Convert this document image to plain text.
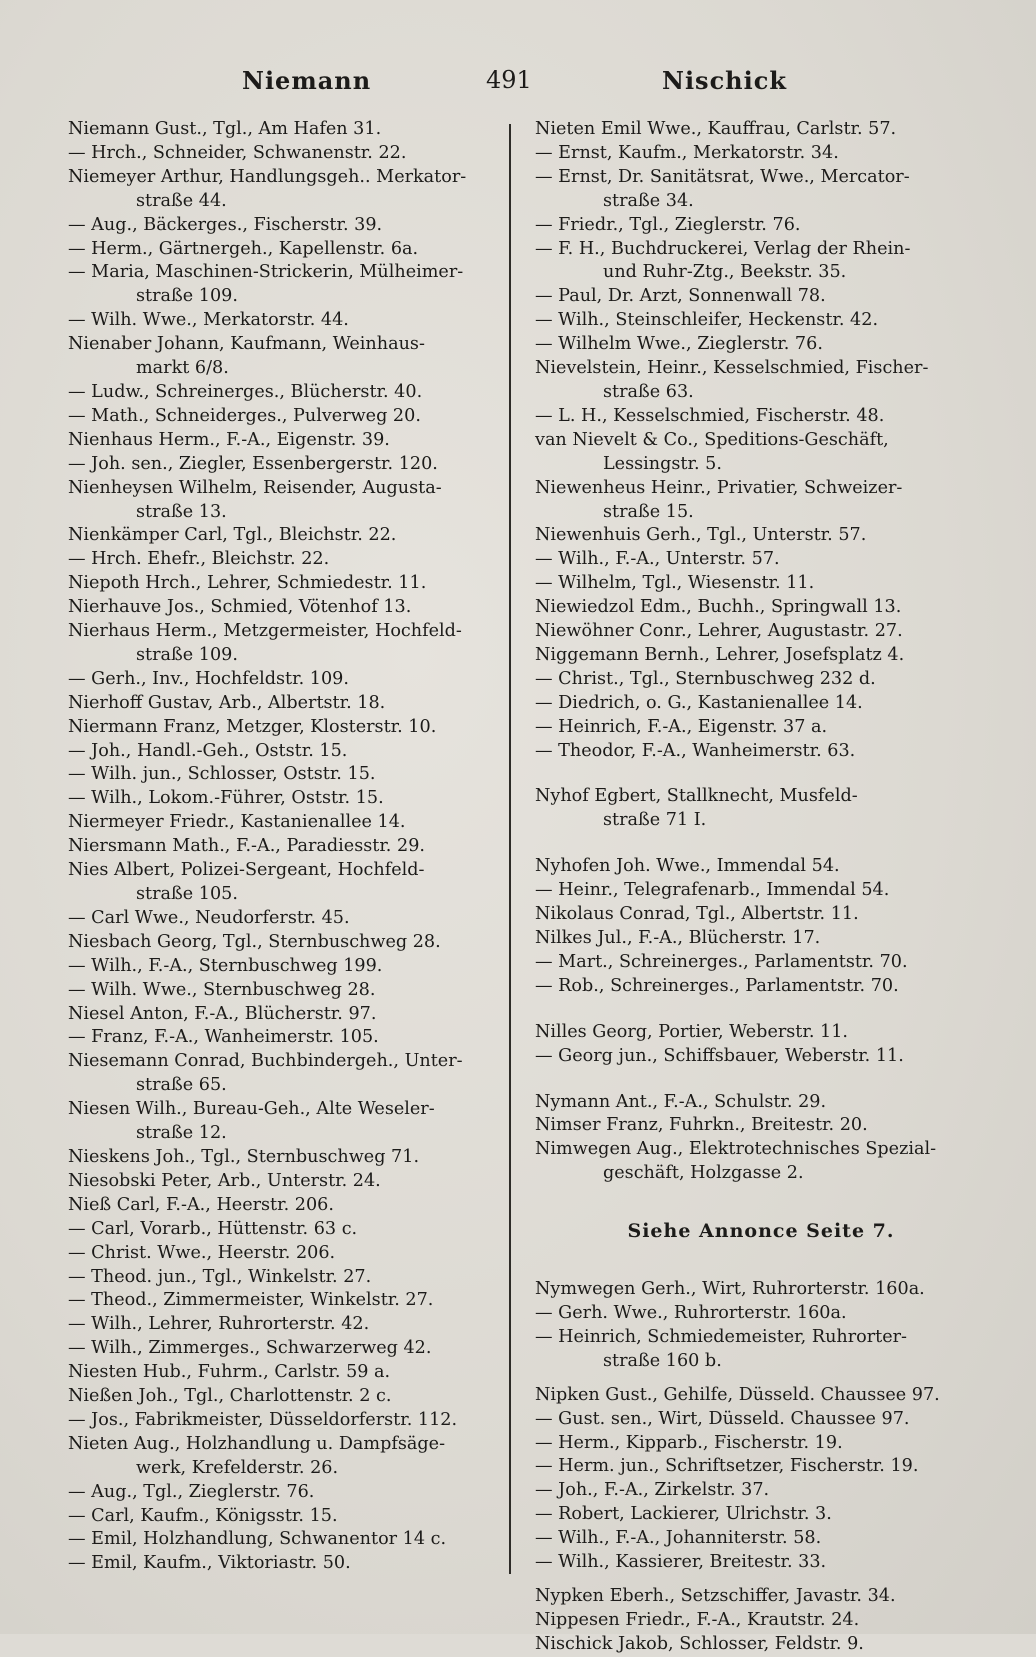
Niemann	491	Nischick
Niemann Gust., Tgl., Am Hafen 31.
— Hrch., Schneider, Schwanenstr. 22.
Niemeyer Arthur, Handlungsgeh.. Merkator-
straße 44.
— Aug., Bäckerges., Fischerstr. 39.
— Herm., Gärtnergeh., Kapellenstr. 6a.
— Maria, Maschinen-Strickerin, Mülheimer-
straße 109.
— Wilh. Wwe., Merkatorstr. 44.
Nienaber Johann, Kaufmann, Weinhaus-
markt 6/8.
— Ludw., Schreinerges., Blücherstr. 40.
— Math., Schneiderges., Pulverweg 20.
Nienhaus Herm., F.-A., Eigenstr. 39.
— Joh. sen., Ziegler, Essenbergerstr. 120.
Nienheysen Wilhelm, Reisender, Augusta-
straße 13.
Nienkämper Carl, Tgl., Bleichstr. 22.
— Hrch. Ehefr., Bleichstr. 22.
Niepoth Hrch., Lehrer, Schmiedestr. 11.
Nierhauve Jos., Schmied, Vötenhof 13.
Nierhaus Herm., Metzgermeister, Hochfeld-
straße 109.
— Gerh., Inv., Hochfeldstr. 109.
Nierhoff Gustav, Arb., Albertstr. 18.
Niermann Franz, Metzger, Klosterstr. 10.
— Joh., Handl.-Geh., Oststr. 15.
— Wilh. jun., Schlosser, Oststr. 15.
— Wilh., Lokom.-Führer, Oststr. 15.
Niermeyer Friedr., Kastanienallee 14.
Niersmann Math., F.-A., Paradiesstr. 29.
Nies Albert, Polizei-Sergeant, Hochfeld-
straße 105.
— Carl Wwe., Neudorferstr. 45.
Niesbach Georg, Tgl., Sternbuschweg 28.
— Wilh., F.-A., Sternbuschweg 199.
— Wilh. Wwe., Sternbuschweg 28.
Niesel Anton, F.-A., Blücherstr. 97.
— Franz, F.-A., Wanheimerstr. 105.
Niesemann Conrad, Buchbindergeh., Unter-
straße 65.
Niesen Wilh., Bureau-Geh., Alte Weseler-
straße 12.
Nieskens Joh., Tgl., Sternbuschweg 71.
Niesobski Peter, Arb., Unterstr. 24.
Nieß Carl, F.-A., Heerstr. 206.
— Carl, Vorarb., Hüttenstr. 63 c.
— Christ. Wwe., Heerstr. 206.
— Theod. jun., Tgl., Winkelstr. 27.
— Theod., Zimmermeister, Winkelstr. 27.
— Wilh., Lehrer, Ruhrorterstr. 42.
— Wilh., Zimmerges., Schwarzerweg 42.
Niesten Hub., Fuhrm., Carlstr. 59 a.
Nießen Joh., Tgl., Charlottenstr. 2 c.
— Jos., Fabrikmeister, Düsseldorferstr. 112.
Nieten Aug., Holzhandlung u. Dampfsäge-
werk, Krefelderstr. 26.
— Aug., Tgl., Zieglerstr. 76.
— Carl, Kaufm., Königsstr. 15.
— Emil, Holzhandlung, Schwanentor 14 c.
— Emil, Kaufm., Viktoriastr. 50.
Nieten Emil Wwe., Kauffrau, Carlstr. 57.
— Ernst, Kaufm., Merkatorstr. 34.
— Ernst, Dr. Sanitätsrat, Wwe., Mercator-
straße 34.
— Friedr., Tgl., Zieglerstr. 76.
— F. H., Buchdruckerei, Verlag der Rhein-
und Ruhr-Ztg., Beekstr. 35.
— Paul, Dr. Arzt, Sonnenwall 78.
— Wilh., Steinschleifer, Heckenstr. 42.
— Wilhelm Wwe., Zieglerstr. 76.
Nievelstein, Heinr., Kesselschmied, Fischer-
straße 63.
— L. H., Kesselschmied, Fischerstr. 48.
van Nievelt & Co., Speditions-Geschäft,
Lessingstr. 5.
Niewenheus Heinr., Privatier, Schweizer-
straße 15.
Niewenhuis Gerh., Tgl., Unterstr. 57.
— Wilh., F.-A., Unterstr. 57.
— Wilhelm, Tgl., Wiesenstr. 11.
Niewiedzol Edm., Buchh., Springwall 13.
Niewöhner Conr., Lehrer, Augustastr. 27.
Niggemann Bernh., Lehrer, Josefsplatz 4.
— Christ., Tgl., Sternbuschweg 232 d.
— Diedrich, o. G., Kastanienallee 14.
— Heinrich, F.-A., Eigenstr. 37 a.
— Theodor, F.-A., Wanheimerstr. 63.
Nyhof Egbert, Stallknecht, Musfeld-
straße 71 I.
Nyhofen Joh. Wwe., Immendal 54.
— Heinr., Telegrafenarb., Immendal 54.
Nikolaus Conrad, Tgl., Albertstr. 11.
Nilkes Jul., F.-A., Blücherstr. 17.
— Mart., Schreinerges., Parlamentstr. 70.
— Rob., Schreinerges., Parlamentstr. 70.
Nilles Georg, Portier, Weberstr. 11.
— Georg jun., Schiffsbauer, Weberstr. 11.
Nymann Ant., F.-A., Schulstr. 29.
Nimser Franz, Fuhrkn., Breitestr. 20.
Nimwegen Aug., Elektrotechnisches Spezial-
geschäft, Holzgasse 2.
Siehe Annonce Seite 7.
Nymwegen Gerh., Wirt, Ruhrorterstr. 160a.
— Gerh. Wwe., Ruhrorterstr. 160a.
— Heinrich, Schmiedemeister, Ruhrorter-
straße 160 b.
Nipken Gust., Gehilfe, Düsseld. Chaussee 97.
— Gust. sen., Wirt, Düsseld. Chaussee 97.
— Herm., Kipparb., Fischerstr. 19.
— Herm. jun., Schriftsetzer, Fischerstr. 19.
— Joh., F.-A., Zirkelstr. 37.
— Robert, Lackierer, Ulrichstr. 3.
— Wilh., F.-A., Johanniterstr. 58.
— Wilh., Kassierer, Breitestr. 33.
Nypken Eberh., Setzschiffer, Javastr. 34.
Nippesen Friedr., F.-A., Krautstr. 24.
Nischick Jakob, Schlosser, Feldstr. 9.
